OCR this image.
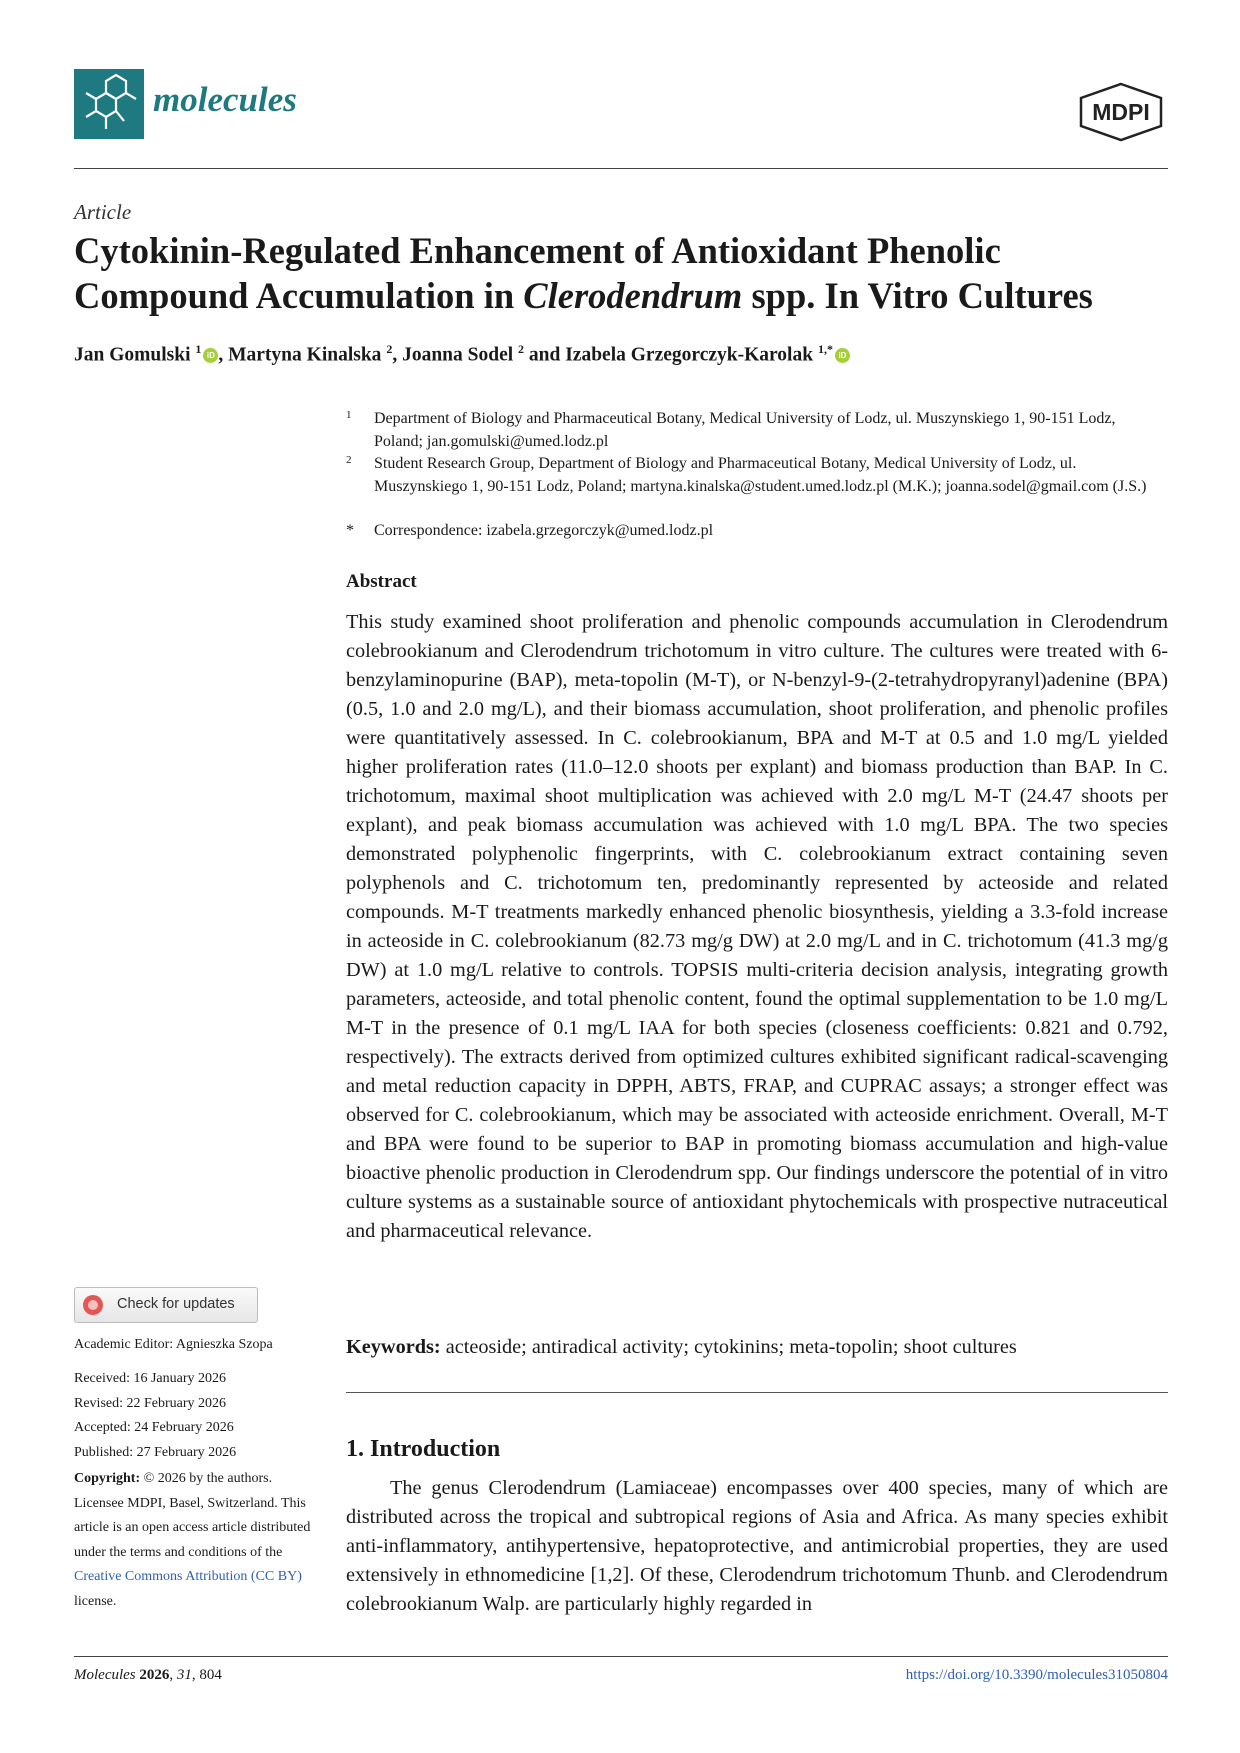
molecules	MDPI
Article
Cytokinin-Regulated Enhancement of Antioxidant Phenolic Compound Accumulation in Clerodendrum spp. In Vitro Cultures
Jan Gomulski $^1$ iD , Martyna Kinalska $^2$, Joanna Sodel $^2$ and Izabela Grzegorczyk-Karolak $^{1,*}$ iD
1 Department of Biology and Pharmaceutical Botany, Medical University of Lodz, ul. Muszynskiego 1, 90-151 Lodz, Poland; jan.gomulski@umed.lodz.pl
2 Student Research Group, Department of Biology and Pharmaceutical Botany, Medical University of Lodz, ul. Muszynskiego 1, 90-151 Lodz, Poland; martyna.kinalska@student.umed.lodz.pl (M.K.); joanna.sodel@gmail.com (J.S.)
* Correspondence: izabela.grzegorczyk@umed.lodz.pl
Abstract

This study examined shoot proliferation and phenolic compounds accumulation in Clerodendrum colebrookianum and Clerodendrum trichotomum in vitro culture. The cultures were treated with 6-benzylaminopurine (BAP), meta-topolin (M-T), or N-benzyl-9-(2-tetrahydropyranyl)adenine (BPA) (0.5, 1.0 and 2.0 mg/L), and their biomass accumulation, shoot proliferation, and phenolic profiles were quantitatively assessed. In C. colebrookianum, BPA and M-T at 0.5 and 1.0 mg/L yielded higher proliferation rates (11.0–12.0 shoots per explant) and biomass production than BAP. In C. trichotomum, maximal shoot multiplication was achieved with 2.0 mg/L M-T (24.47 shoots per explant), and peak biomass accumulation was achieved with 1.0 mg/L BPA. The two species demonstrated polyphenolic fingerprints, with C. colebrookianum extract containing seven polyphenols and C. trichotomum ten, predominantly represented by acteoside and related compounds. M-T treatments markedly enhanced phenolic biosynthesis, yielding a 3.3-fold increase in acteoside in C. colebrookianum (82.73 mg/g DW) at 2.0 mg/L and in C. trichotomum (41.3 mg/g DW) at 1.0 mg/L relative to controls. TOPSIS multi-criteria decision analysis, integrating growth parameters, acteoside, and total phenolic content, found the optimal supplementation to be 1.0 mg/L M-T in the presence of 0.1 mg/L IAA for both species (closeness coefficients: 0.821 and 0.792, respectively). The extracts derived from optimized cultures exhibited significant radical-scavenging and metal reduction capacity in DPPH, ABTS, FRAP, and CUPRAC assays; a stronger effect was observed for C. colebrookianum, which may be associated with acteoside enrichment. Overall, M-T and BPA were found to be superior to BAP in promoting biomass accumulation and high-value bioactive phenolic production in Clerodendrum spp. Our findings underscore the potential of in vitro culture systems as a sustainable source of antioxidant phytochemicals with prospective nutraceutical and pharmaceutical relevance.

Keywords: acteoside; antiradical activity; cytokinins; meta-topolin; shoot cultures
1. Introduction

The genus Clerodendrum (Lamiaceae) encompasses over 400 species, many of which are distributed across the tropical and subtropical regions of Asia and Africa. As many species exhibit anti-inflammatory, antihypertensive, hepatoprotective, and antimicrobial properties, they are used extensively in ethnomedicine [1,2]. Of these, Clerodendrum trichotomum Thunb. and Clerodendrum colebrookianum Walp. are particularly highly regarded in

Check for updates
Academic Editor: Agnieszka Szopa
Received: 16 January 2026
Revised: 22 February 2026
Accepted: 24 February 2026
Published: 27 February 2026
Copyright: © 2026 by the authors. Licensee MDPI, Basel, Switzerland. This article is an open access article distributed under the terms and conditions of the Creative Commons Attribution (CC BY) license.
Molecules 2026, 31, 804	https://doi.org/10.3390/molecules31050804
